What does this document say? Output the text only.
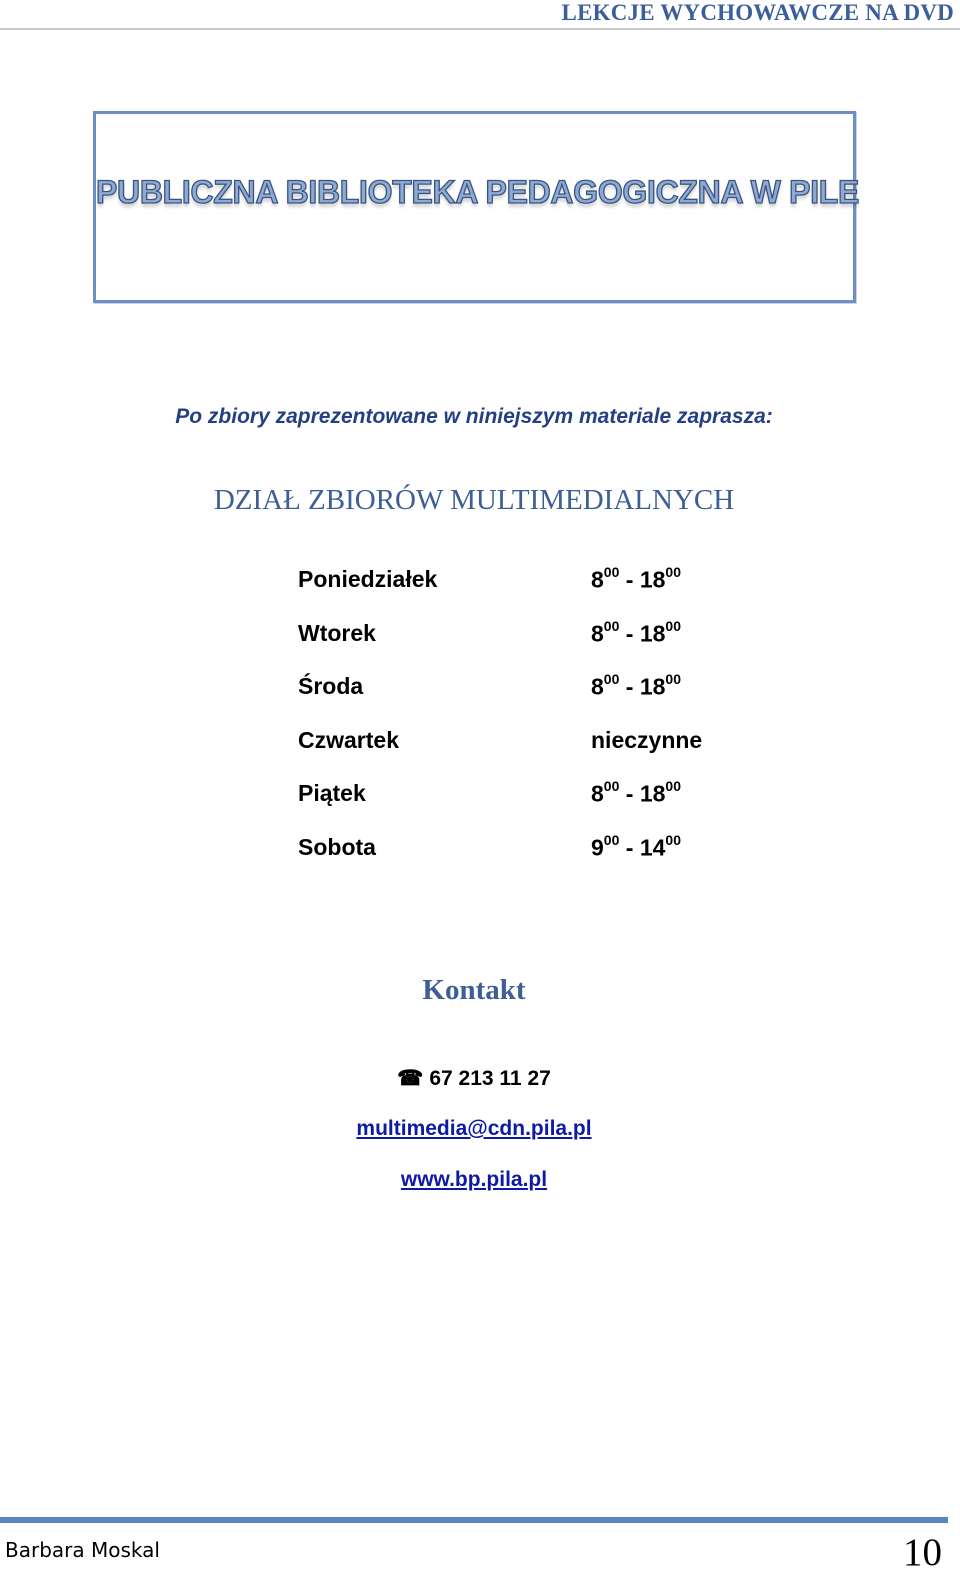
LEKCJE WYCHOWAWCZE NA DVD
PUBLICZNA BIBLIOTEKA PEDAGOGICZNA W PILE
Po zbiory zaprezentowane w niniejszym materiale zaprasza:
DZIAŁ ZBIORÓW MULTIMEDIALNYCH
Poniedziałek	$8^{00} - 18^{00}$
Wtorek	$8^{00} - 18^{00}$
Środa	$8^{00} - 18^{00}$
Czwartek	nieczynne
Piątek	$8^{00} - 18^{00}$
Sobota	$9^{00} - 14^{00}$
Kontakt
☎ 67 213 11 27
multimedia@cdn.pila.pl
www.bp.pila.pl
Barbara Moskal	10
